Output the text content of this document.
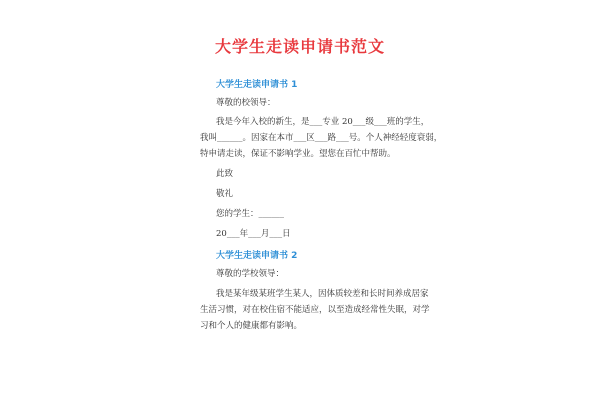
大学生走读申请书范文
大学生走读申请书 1
尊敬的校领导：
我是今年入校的新生，是___专业 20___级___班的学生，
我叫______。因家在本市___区___路___号。个人神经轻度衰弱，
特申请走读，保证不影响学业。望您在百忙中帮助。
此致
敬礼
您的学生：______
20___年___月___日
大学生走读申请书 2
尊敬的学校领导：
我是某年级某班学生某人，因体质较差和长时间养成居家
生活习惯，对在校住宿不能适应，以至造成经常性失眠，对学
习和个人的健康都有影响。
